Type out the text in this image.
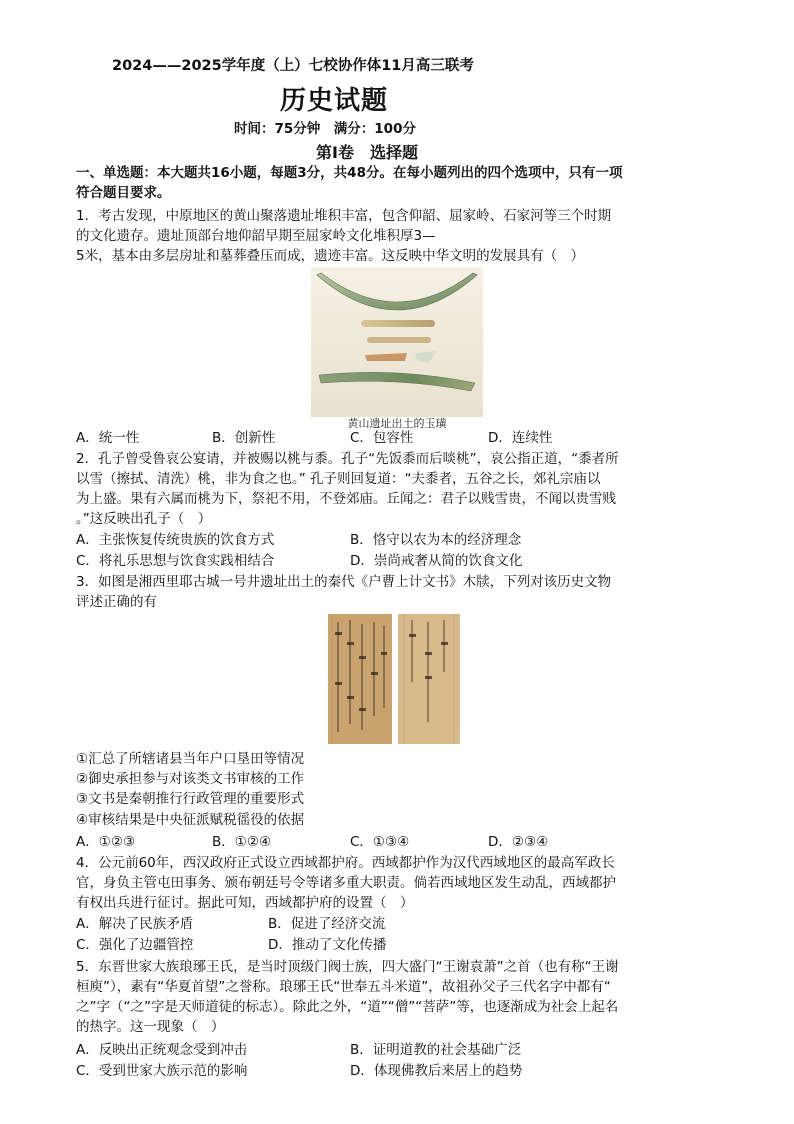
2024——2025学年度（上）七校协作体11月高三联考
历史试题
时间：75分钟　满分：100分
第Ⅰ卷　选择题
一、单选题：本大题共16小题，每题3分，共48分。在每小题列出的四个选项中，只有一项
符合题目要求。
1．考古发现，中原地区的黄山聚落遗址堆积丰富，包含仰韶、屈家岭、石家河等三个时期
的文化遗存。遗址顶部台地仰韶早期至屈家岭文化堆积厚3—
5米，基本由多层房址和墓葬叠压而成，遗迹丰富。这反映中华文明的发展具有（　）
黄山遗址出土的玉璜
A．统一性	B．创新性	C．包容性	D．连续性
2．孔子曾受鲁哀公宴请，并被赐以桃与黍。孔子“先饭黍而后啖桃”，哀公指正道，“黍者所
以雪（擦拭、清洗）桃，非为食之也。” 孔子则回复道：“夫黍者，五谷之长，郊礼宗庙以
为上盛。果有六属而桃为下，祭祀不用，不登郊庙。丘闻之：君子以贱雪贵，不闻以贵雪贱
。”这反映出孔子（　）
A．主张恢复传统贵族的饮食方式	B．恪守以农为本的经济理念
C．将礼乐思想与饮食实践相结合	D．崇尚戒奢从简的饮食文化
3．如图是湘西里耶古城一号井遗址出土的秦代《户曹上计文书》木牍，下列对该历史文物
评述正确的有
①汇总了所辖诸县当年户口垦田等情况
②御史承担参与对该类文书审核的工作
③文书是秦朝推行行政管理的重要形式
④审核结果是中央征派赋税徭役的依据
A．①②③	B．①②④	C．①③④	D．②③④
4．公元前60年，西汉政府正式设立西域都护府。西域都护作为汉代西域地区的最高军政长
官，身负主管屯田事务、颁布朝廷号令等诸多重大职责。倘若西域地区发生动乱，西域都护
有权出兵进行征讨。据此可知，西域都护府的设置（　）
A．解决了民族矛盾	B．促进了经济交流
C．强化了边疆管控	D．推动了文化传播
5．东晋世家大族琅琊王氏，是当时顶级门阀士族，四大盛门“王谢袁萧”之首（也有称“王谢
桓庾”），素有“华夏首望”之誉称。琅琊王氏“世奉五斗米道”，故祖孙父子三代名字中都有“
之”字（“之”字是天师道徒的标志）。除此之外，“道”“僧”“菩萨”等，也逐渐成为社会上起名
的热字。这一现象（　）
A．反映出正统观念受到冲击	B．证明道教的社会基础广泛
C．受到世家大族示范的影响	D．体现佛教后来居上的趋势
